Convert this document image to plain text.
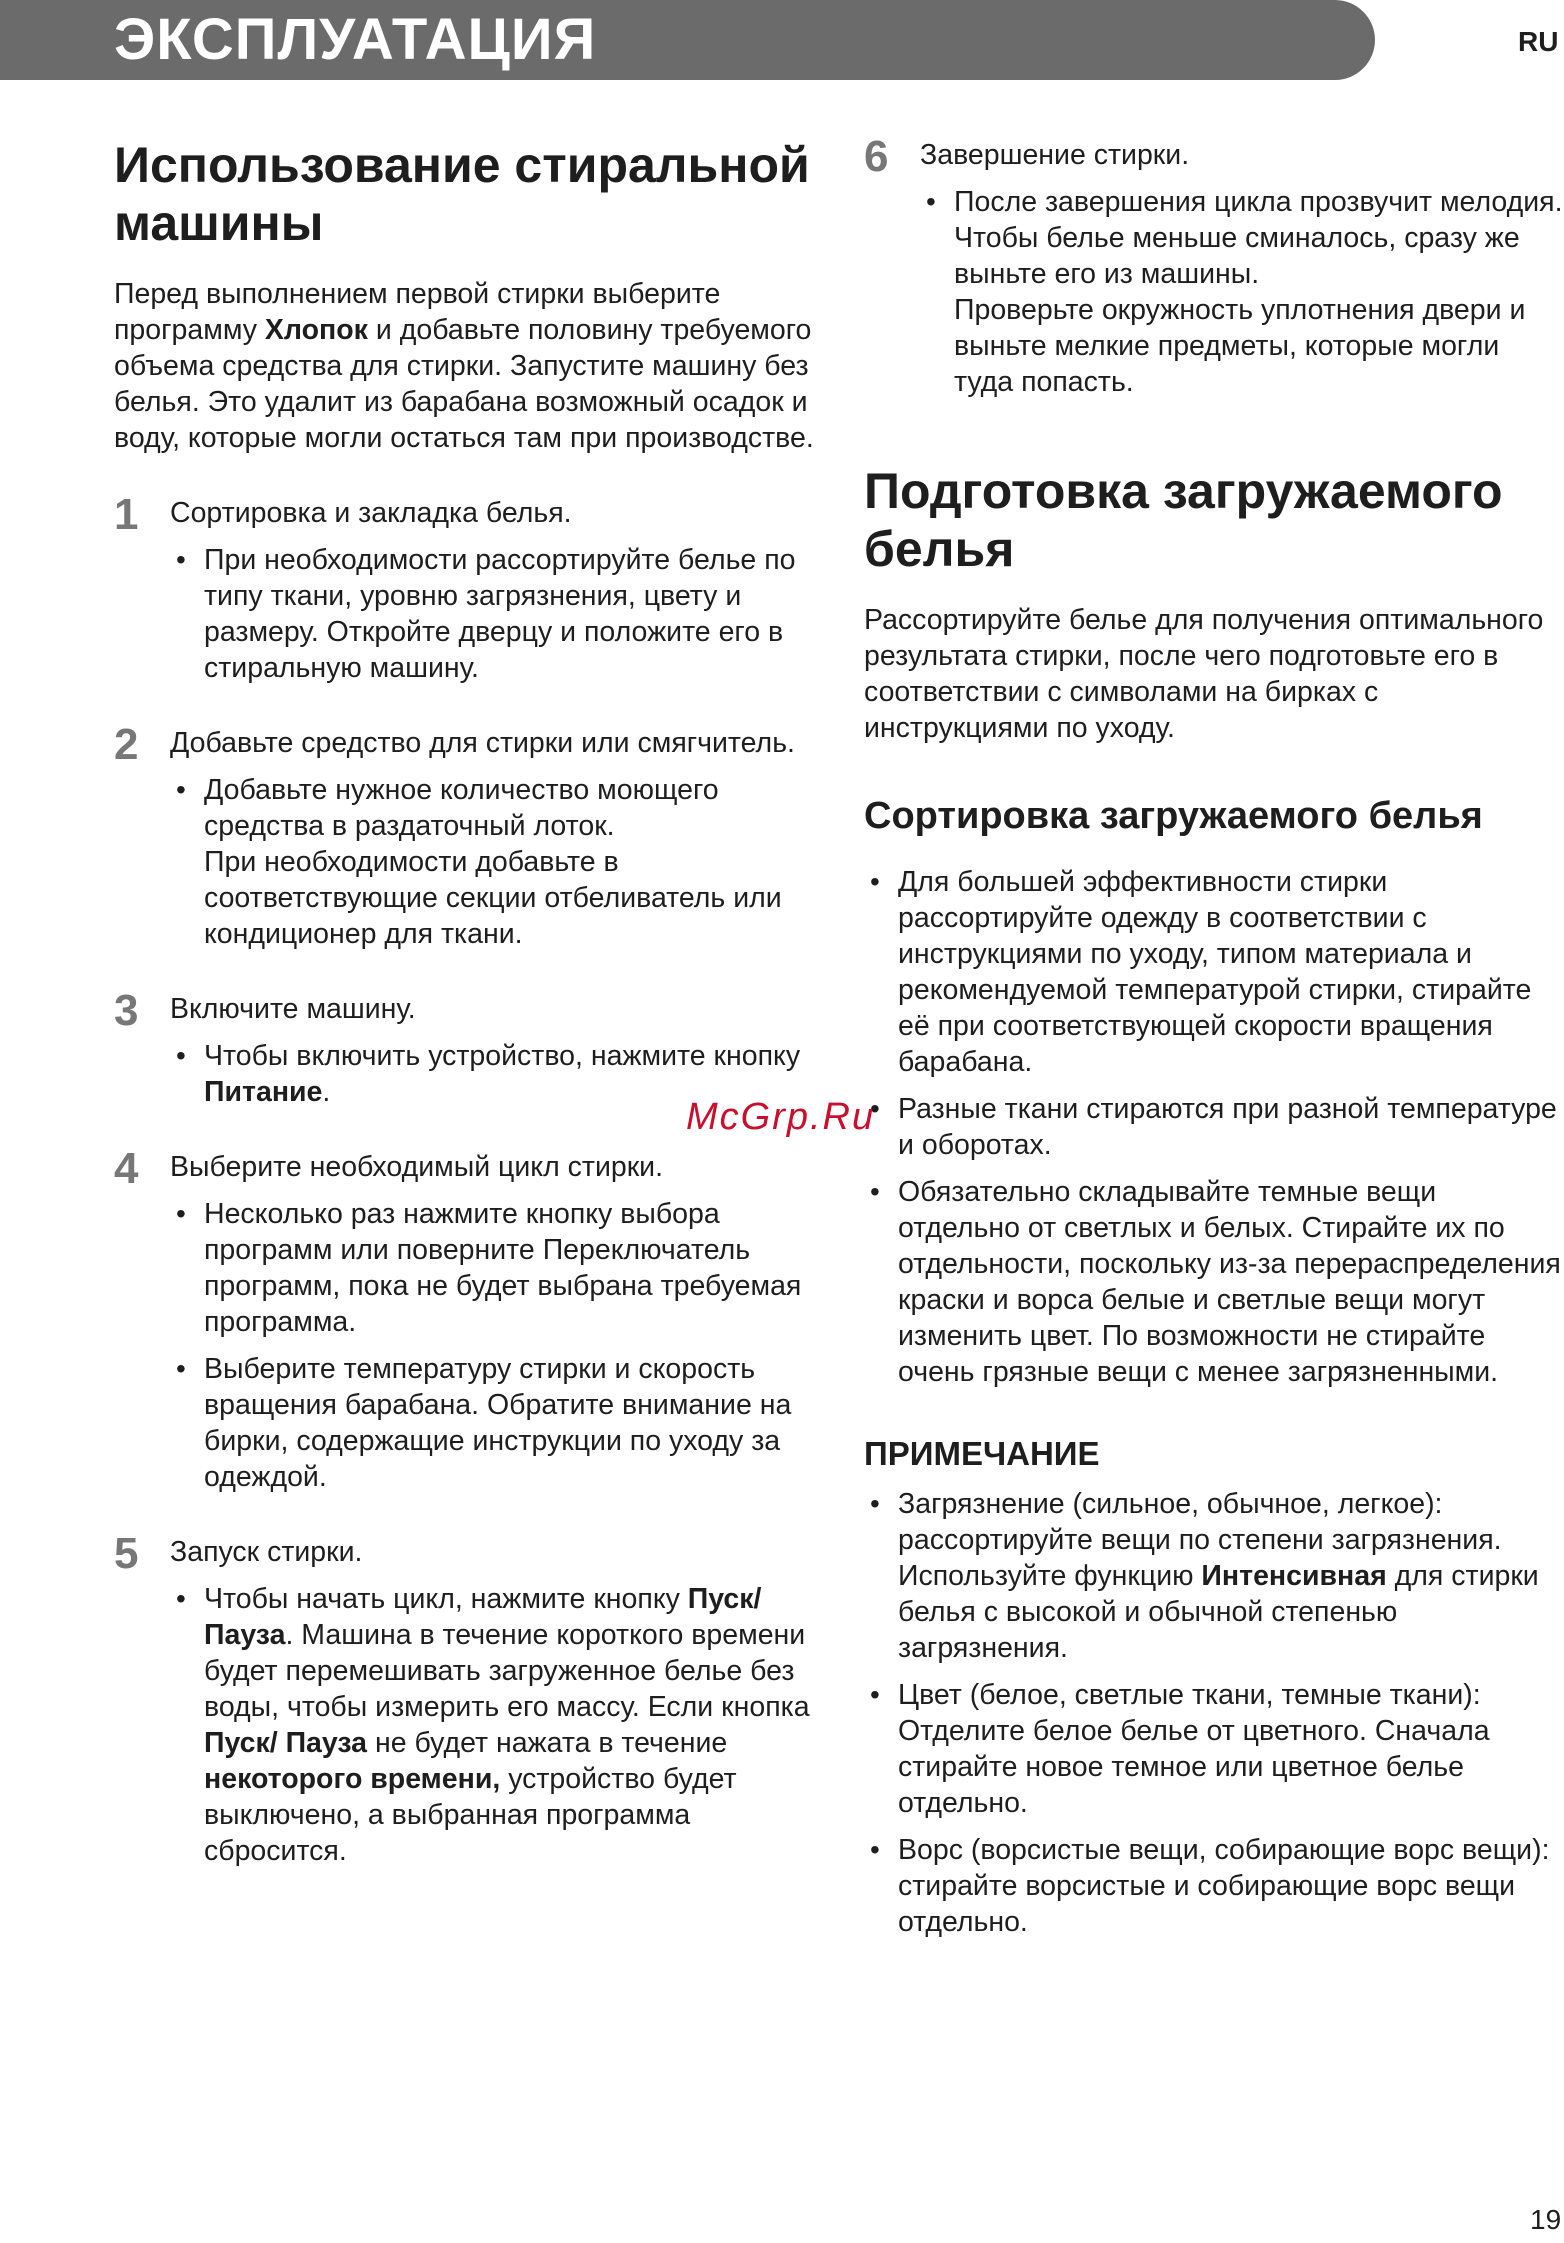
ЭКСПЛУАТАЦИЯ	RU
Использование стиральной машины

Перед выполнением первой стирки выберите программу Хлопок и добавьте половину требуемого объема средства для стирки. Запустите машину без белья. Это удалит из барабана возможный осадок и воду, которые могли остаться там при производстве.

1 Сортировка и закладка белья.

• При необходимости рассортируйте белье по типу ткани, уровню загрязнения, цвету и размеру. Откройте дверцу и положите его в стиральную машину.
2 Добавьте средство для стирки или смягчитель.

• Добавьте нужное количество моющего средства в раздаточный лоток.
При необходимости добавьте в соответствующие секции отбеливатель или кондиционер для ткани.
3 Включите машину.

• Чтобы включить устройство, нажмите кнопку Питание.
4 Выберите необходимый цикл стирки.

• Несколько раз нажмите кнопку выбора программ или поверните Переключатель программ, пока не будет выбрана требуемая программа.
• Выберите температуру стирки и скорость вращения барабана. Обратите внимание на бирки, содержащие инструкции по уходу за одеждой.
5 Запуск стирки.

• Чтобы начать цикл, нажмите кнопку Пуск/Пауза. Машина в течение короткого времени будет перемешивать загруженное белье без воды, чтобы измерить его массу. Если кнопка Пуск/ Пауза не будет нажата в течение некоторого времени, устройство будет выключено, а выбранная программа сбросится.
6 Завершение стирки.

• После завершения цикла прозвучит мелодия. Чтобы белье меньше сминалось, сразу же выньте его из машины.
Проверьте окружность уплотнения двери и выньте мелкие предметы, которые могли туда попасть.
Подготовка загружаемого белья

Рассортируйте белье для получения оптимального результата стирки, после чего подготовьте его в соответствии с символами на бирках с инструкциями по уходу.

Сортировка загружаемого белья
• Для большей эффективности стирки рассортируйте одежду в соответствии с инструкциями по уходу, типом материала и рекомендуемой температурой стирки, стирайте её при соответствующей скорости вращения барабана.
• Разные ткани стираются при разной температуре и оборотах.
• Обязательно складывайте темные вещи отдельно от светлых и белых. Стирайте их по отдельности, поскольку из-за перераспределения краски и ворса белые и светлые вещи могут изменить цвет. По возможности не стирайте очень грязные вещи с менее загрязненными.
ПРИМЕЧАНИЕ
• Загрязнение (сильное, обычное, легкое): рассортируйте вещи по степени загрязнения. Используйте функцию Интенсивная для стирки белья с высокой и обычной степенью загрязнения.
• Цвет (белое, светлые ткани, темные ткани): Отделите белое белье от цветного. Сначала стирайте новое темное или цветное белье отдельно.
• Ворс (ворсистые вещи, собирающие ворс вещи): стирайте ворсистые и собирающие ворс вещи отдельно.
McGrp.Ru
19
